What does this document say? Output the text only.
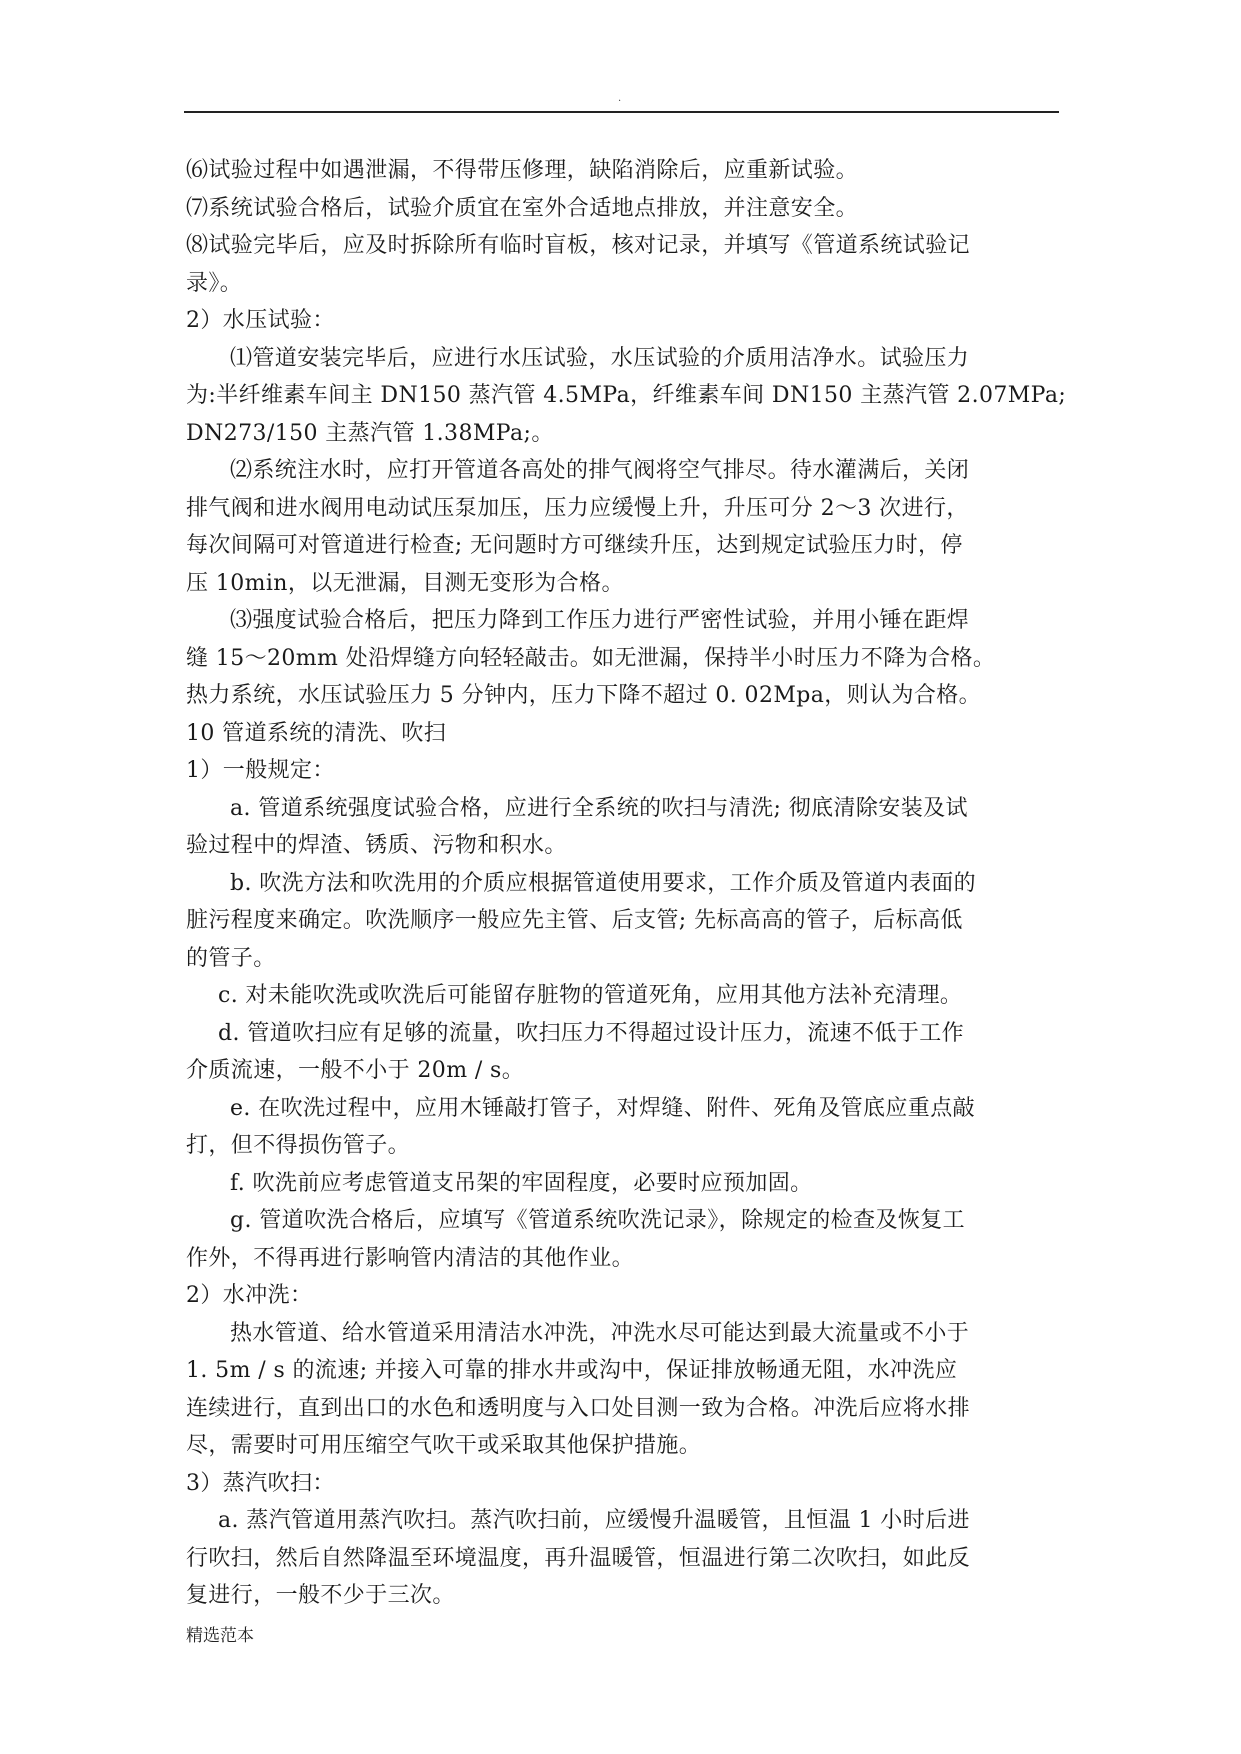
.
⑹试验过程中如遇泄漏，不得带压修理，缺陷消除后，应重新试验。
⑺系统试验合格后，试验介质宜在室外合适地点排放，并注意安全。
⑻试验完毕后，应及时拆除所有临时盲板，核对记录，并填写《管道系统试验记
录》。
2）水压试验：
⑴管道安装完毕后，应进行水压试验，水压试验的介质用洁净水。试验压力
为:半纤维素车间主 DN150 蒸汽管 4.5MPa，纤维素车间 DN150 主蒸汽管 2.07MPa;
DN273/150 主蒸汽管 1.38MPa;。
⑵系统注水时，应打开管道各高处的排气阀将空气排尽。待水灌满后，关闭
排气阀和进水阀用电动试压泵加压，压力应缓慢上升，升压可分 2～3 次进行，
每次间隔可对管道进行检查; 无问题时方可继续升压，达到规定试验压力时，停
压 10min，以无泄漏，目测无变形为合格。
⑶强度试验合格后，把压力降到工作压力进行严密性试验，并用小锤在距焊
缝 15～20mm 处沿焊缝方向轻轻敲击。如无泄漏，保持半小时压力不降为合格。
热力系统，水压试验压力 5 分钟内，压力下降不超过 0. 02Mpa，则认为合格。
10 管道系统的清洗、吹扫
1）一般规定：
a. 管道系统强度试验合格，应进行全系统的吹扫与清洗; 彻底清除安装及试
验过程中的焊渣、锈质、污物和积水。
b. 吹洗方法和吹洗用的介质应根据管道使用要求，工作介质及管道内表面的
脏污程度来确定。吹洗顺序一般应先主管、后支管; 先标高高的管子，后标高低
的管子。
c. 对未能吹洗或吹洗后可能留存脏物的管道死角，应用其他方法补充清理。
d. 管道吹扫应有足够的流量，吹扫压力不得超过设计压力，流速不低于工作
介质流速，一般不小于 20m / s。
e. 在吹洗过程中，应用木锤敲打管子，对焊缝、附件、死角及管底应重点敲
打，但不得损伤管子。
f. 吹洗前应考虑管道支吊架的牢固程度，必要时应预加固。
g. 管道吹洗合格后，应填写《管道系统吹洗记录》，除规定的检查及恢复工
作外，不得再进行影响管内清洁的其他作业。
2）水冲洗：
热水管道、给水管道采用清洁水冲洗，冲洗水尽可能达到最大流量或不小于
1. 5m / s 的流速; 并接入可靠的排水井或沟中，保证排放畅通无阻，水冲洗应
连续进行，直到出口的水色和透明度与入口处目测一致为合格。冲洗后应将水排
尽，需要时可用压缩空气吹干或采取其他保护措施。
3）蒸汽吹扫：
a. 蒸汽管道用蒸汽吹扫。蒸汽吹扫前，应缓慢升温暖管，且恒温 1 小时后进
行吹扫，然后自然降温至环境温度，再升温暖管，恒温进行第二次吹扫，如此反
复进行，一般不少于三次。
精选范本
